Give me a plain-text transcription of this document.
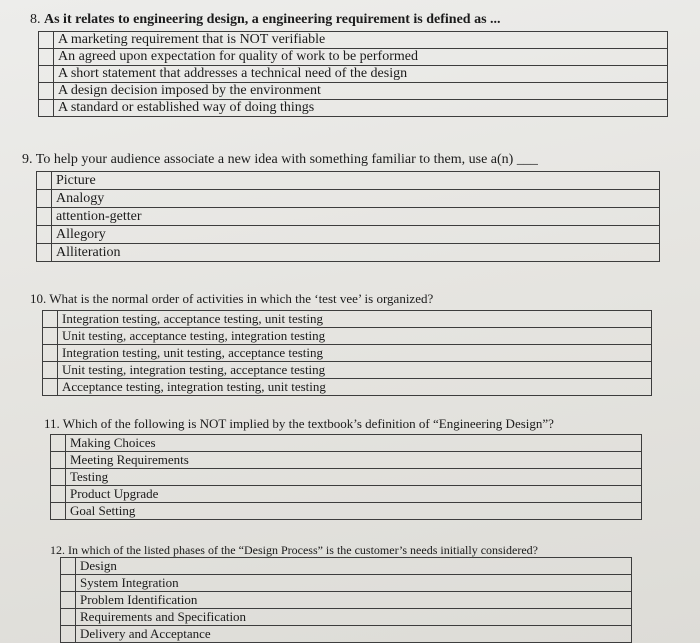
8. As it relates to engineering design, a engineering requirement is defined as ...
	A marketing requirement that is NOT verifiable
	An agreed upon expectation for quality of work to be performed
	A short statement that addresses a technical need of the design
	A design decision imposed by the environment
	A standard or established way of doing things
9. To help your audience associate a new idea with something familiar to them, use a(n) ___
	Picture
	Analogy
	attention-getter
	Allegory
	Alliteration
10. What is the normal order of activities in which the ‘test vee’ is organized?
	Integration testing, acceptance testing, unit testing
	Unit testing, acceptance testing, integration testing
	Integration testing, unit testing, acceptance testing
	Unit testing, integration testing, acceptance testing
	Acceptance testing, integration testing, unit testing
11. Which of the following is NOT implied by the textbook’s definition of “Engineering Design”?
	Making Choices
	Meeting Requirements
	Testing
	Product Upgrade
	Goal Setting
12. In which of the listed phases of the “Design Process” is the customer’s needs initially considered?
	Design
	System Integration
	Problem Identification
	Requirements and Specification
	Delivery and Acceptance
